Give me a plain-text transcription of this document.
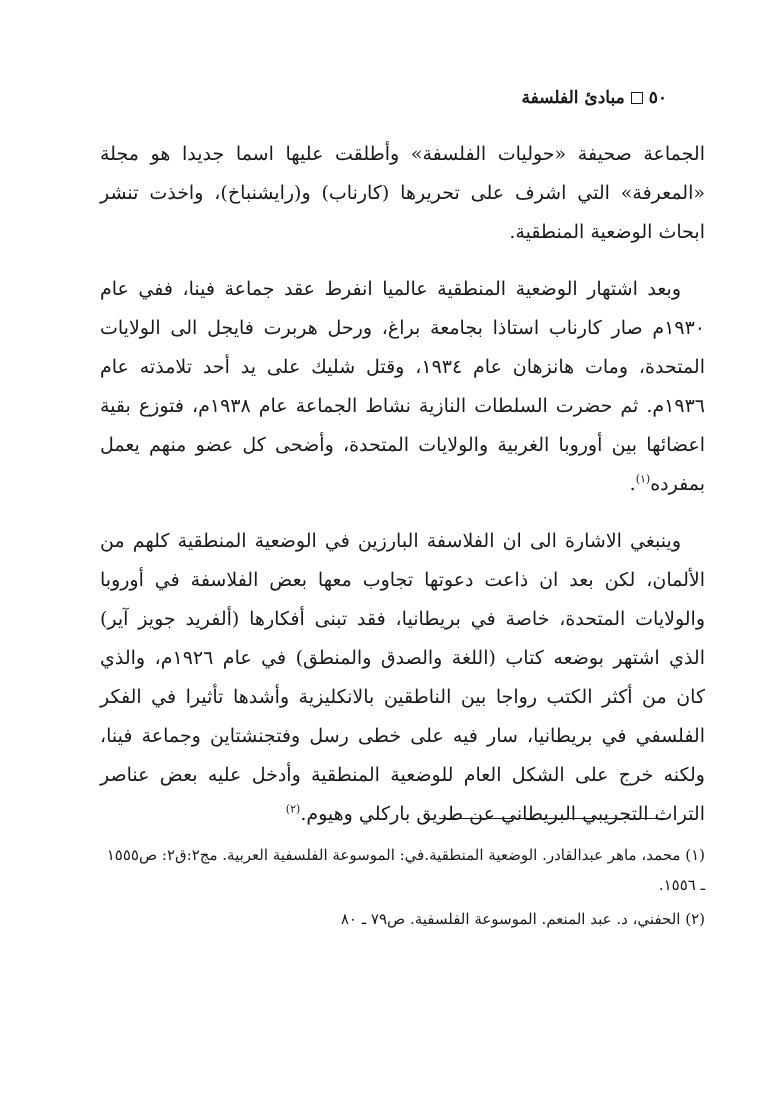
٥٠
مبادئ الفلسفة

الجماعة صحيفة «حوليات الفلسفة» وأطلقت عليها اسما جديدا هو مجلة «المعرفة» التي اشرف على تحريرها (كارناب) و(رايشنباخ)، واخذت تنشر ابحاث الوضعية المنطقية.

وبعد اشتهار الوضعية المنطقية عالميا انفرط عقد جماعة فينا، ففي عام ١٩٣٠م صار كارناب استاذا بجامعة براغ، ورحل هربرت فايجل الى الولايات المتحدة، ومات هانزهان عام ١٩٣٤، وقتل شليك على يد أحد تلامذته عام ١٩٣٦م. ثم حضرت السلطات النازية نشاط الجماعة عام ١٩٣٨م، فتوزع بقية اعضائها بين أوروبا الغربية والولايات المتحدة، وأضحى كل عضو منهم يعمل بمفرده$^{(١)}$.

وينبغي الاشارة الى ان الفلاسفة البارزين في الوضعية المنطقية كلهم من الألمان، لكن بعد ان ذاعت دعوتها تجاوب معها بعض الفلاسفة في أوروبا والولايات المتحدة، خاصة في بريطانيا، فقد تبنى أفكارها (ألفريد جويز آير) الذي اشتهر بوضعه كتاب (اللغة والصدق والمنطق) في عام ١٩٢٦م، والذي كان من أكثر الكتب رواجا بين الناطقين بالانكليزية وأشدها تأثيرا في الفكر الفلسفي في بريطانيا، سار فيه على خطى رسل وفتجنشتاين وجماعة فينا، ولكنه خرج على الشكل العام للوضعية المنطقية وأدخل عليه بعض عناصر التراث التجريبي البريطاني عن طريق باركلي وهيوم.$^{(٢)}$

(١) محمد، ماهر عبدالقادر. الوضعية المنطقية.في: الموسوعة الفلسفية العربية. مج٢:ق٢: ص١٥٥٥ ـ ١٥٥٦.

(٢) الحفني، د. عبد المنعم. الموسوعة الفلسفية. ص٧٩ ـ ٨٠
